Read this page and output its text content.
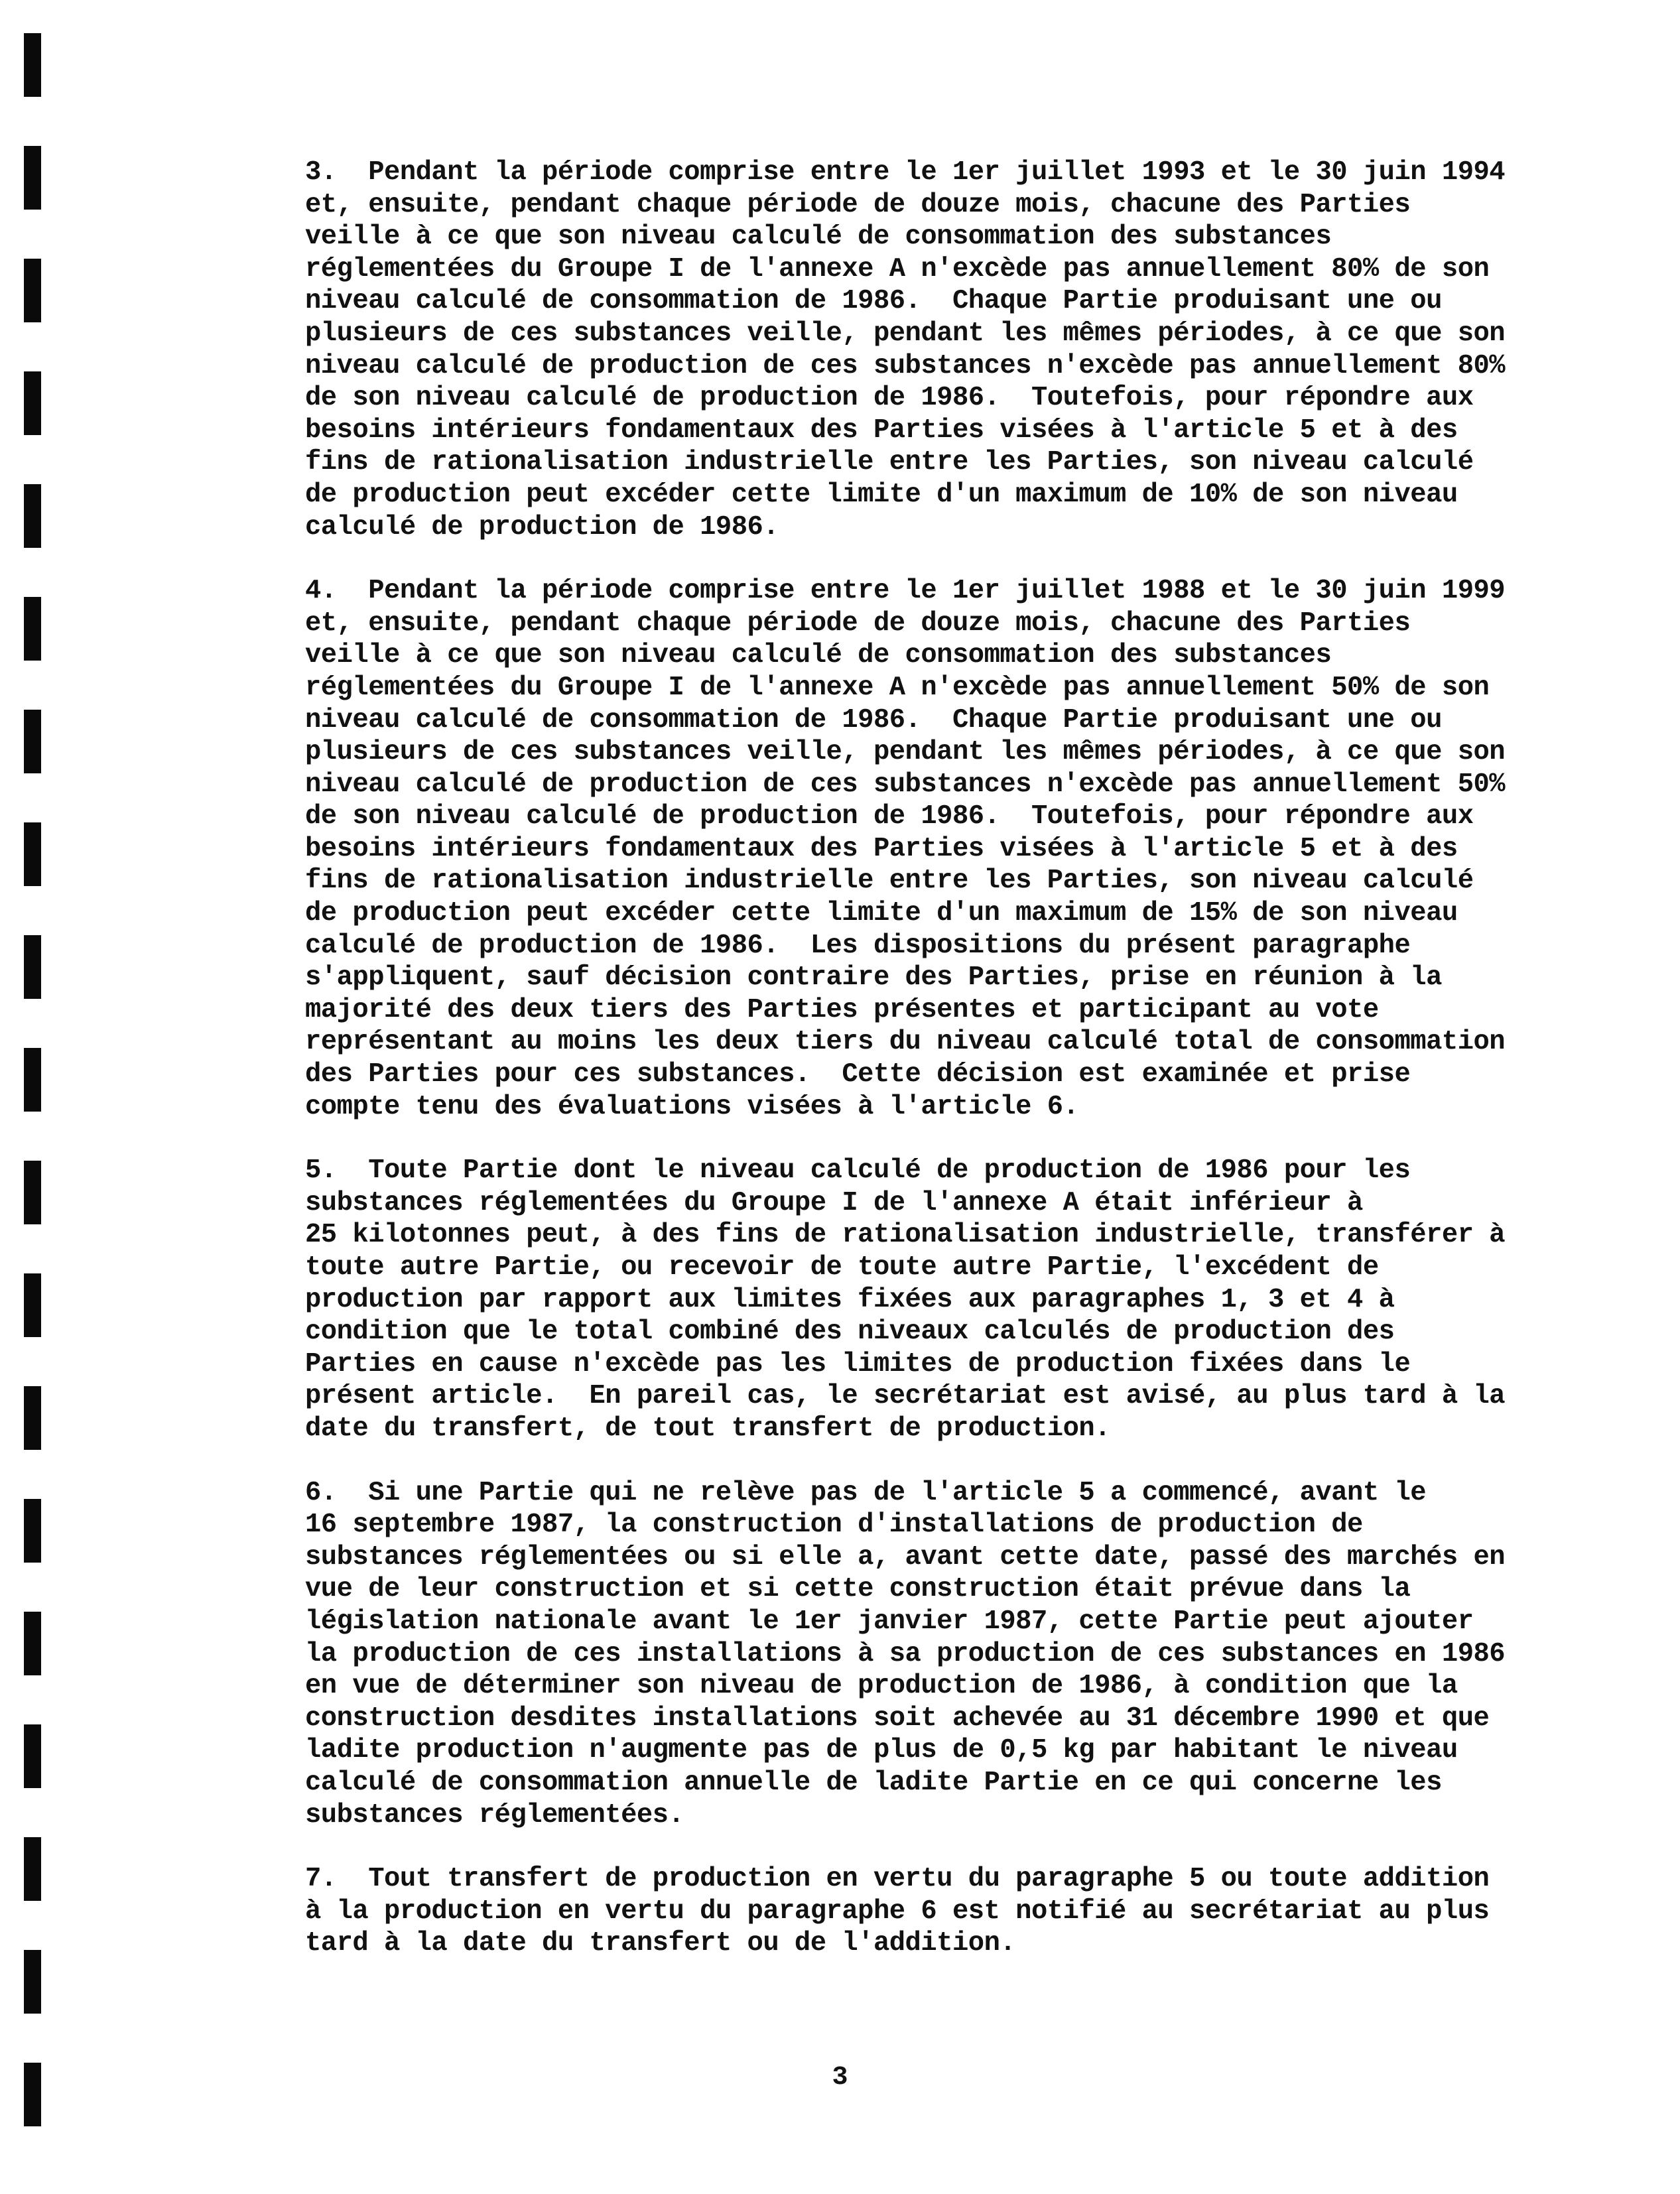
3.  Pendant la période comprise entre le 1er juillet 1993 et le 30 juin 1994
et, ensuite, pendant chaque période de douze mois, chacune des Parties
veille à ce que son niveau calculé de consommation des substances
réglementées du Groupe I de l'annexe A n'excède pas annuellement 80% de son
niveau calculé de consommation de 1986.  Chaque Partie produisant une ou
plusieurs de ces substances veille, pendant les mêmes périodes, à ce que son
niveau calculé de production de ces substances n'excède pas annuellement 80%
de son niveau calculé de production de 1986.  Toutefois, pour répondre aux
besoins intérieurs fondamentaux des Parties visées à l'article 5 et à des
fins de rationalisation industrielle entre les Parties, son niveau calculé
de production peut excéder cette limite d'un maximum de 10% de son niveau
calculé de production de 1986.
4.  Pendant la période comprise entre le 1er juillet 1988 et le 30 juin 1999
et, ensuite, pendant chaque période de douze mois, chacune des Parties
veille à ce que son niveau calculé de consommation des substances
réglementées du Groupe I de l'annexe A n'excède pas annuellement 50% de son
niveau calculé de consommation de 1986.  Chaque Partie produisant une ou
plusieurs de ces substances veille, pendant les mêmes périodes, à ce que son
niveau calculé de production de ces substances n'excède pas annuellement 50%
de son niveau calculé de production de 1986.  Toutefois, pour répondre aux
besoins intérieurs fondamentaux des Parties visées à l'article 5 et à des
fins de rationalisation industrielle entre les Parties, son niveau calculé
de production peut excéder cette limite d'un maximum de 15% de son niveau
calculé de production de 1986.  Les dispositions du présent paragraphe
s'appliquent, sauf décision contraire des Parties, prise en réunion à la
majorité des deux tiers des Parties présentes et participant au vote
représentant au moins les deux tiers du niveau calculé total de consommation
des Parties pour ces substances.  Cette décision est examinée et prise
compte tenu des évaluations visées à l'article 6.
5.  Toute Partie dont le niveau calculé de production de 1986 pour les
substances réglementées du Groupe I de l'annexe A était inférieur à
25 kilotonnes peut, à des fins de rationalisation industrielle, transférer à
toute autre Partie, ou recevoir de toute autre Partie, l'excédent de
production par rapport aux limites fixées aux paragraphes 1, 3 et 4 à
condition que le total combiné des niveaux calculés de production des
Parties en cause n'excède pas les limites de production fixées dans le
présent article.  En pareil cas, le secrétariat est avisé, au plus tard à la
date du transfert, de tout transfert de production.
6.  Si une Partie qui ne relève pas de l'article 5 a commencé, avant le
16 septembre 1987, la construction d'installations de production de
substances réglementées ou si elle a, avant cette date, passé des marchés en
vue de leur construction et si cette construction était prévue dans la
législation nationale avant le 1er janvier 1987, cette Partie peut ajouter
la production de ces installations à sa production de ces substances en 1986
en vue de déterminer son niveau de production de 1986, à condition que la
construction desdites installations soit achevée au 31 décembre 1990 et que
ladite production n'augmente pas de plus de 0,5 kg par habitant le niveau
calculé de consommation annuelle de ladite Partie en ce qui concerne les
substances réglementées.
7.  Tout transfert de production en vertu du paragraphe 5 ou toute addition
à la production en vertu du paragraphe 6 est notifié au secrétariat au plus
tard à la date du transfert ou de l'addition.
3
